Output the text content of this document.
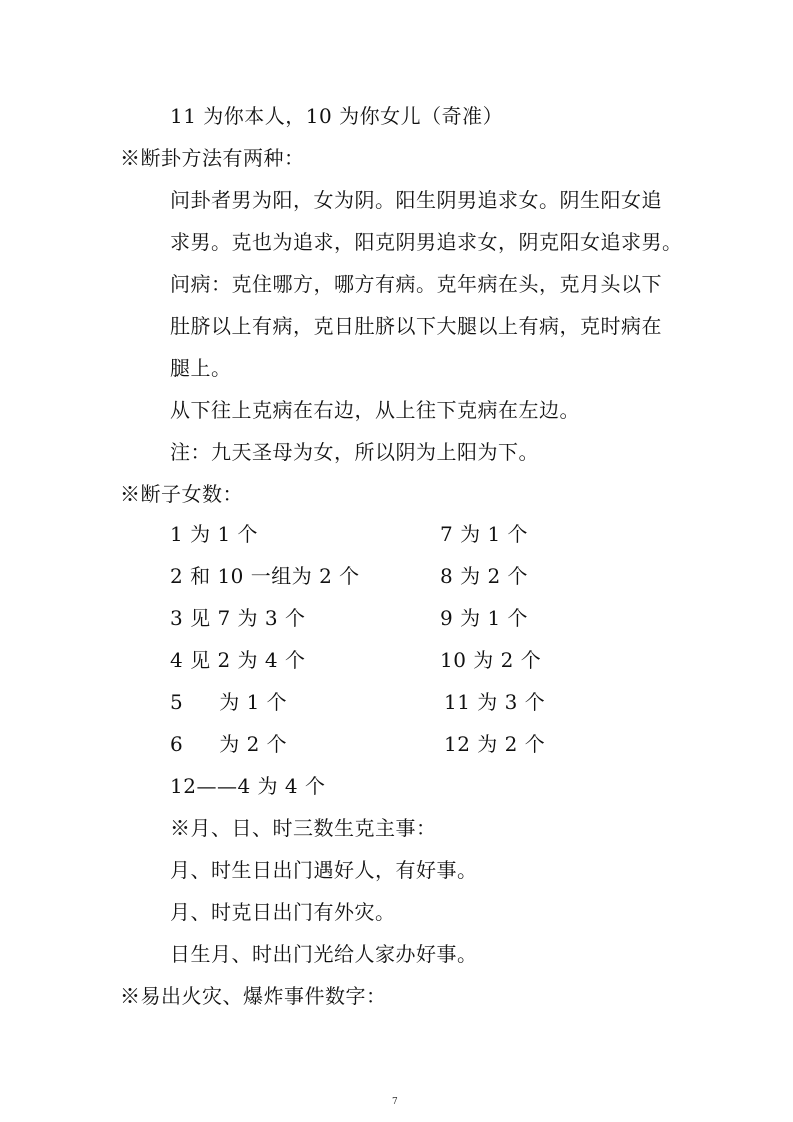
11 为你本人，10 为你女儿（奇准）
※断卦方法有两种：
问卦者男为阳，女为阴。阳生阴男追求女。阴生阳女追
求男。克也为追求，阳克阴男追求女，阴克阳女追求男。
问病：克住哪方，哪方有病。克年病在头，克月头以下
肚脐以上有病，克日肚脐以下大腿以上有病，克时病在
腿上。
从下往上克病在右边，从上往下克病在左边。
注：九天圣母为女，所以阴为上阳为下。
※断子女数：
1 为 1 个
2 和 10 一组为 2 个
3 见 7 为 3 个
4 见 2 为 4 个
5 为 1 个
6 为 2 个
7 为 1 个
8 为 2 个
9 为 1 个
10 为 2 个
11 为 3 个
12 为 2 个
12——4 为 4 个
※月、日、时三数生克主事：
月、时生日出门遇好人，有好事。
月、时克日出门有外灾。
日生月、时出门光给人家办好事。
※易出火灾、爆炸事件数字：
7
